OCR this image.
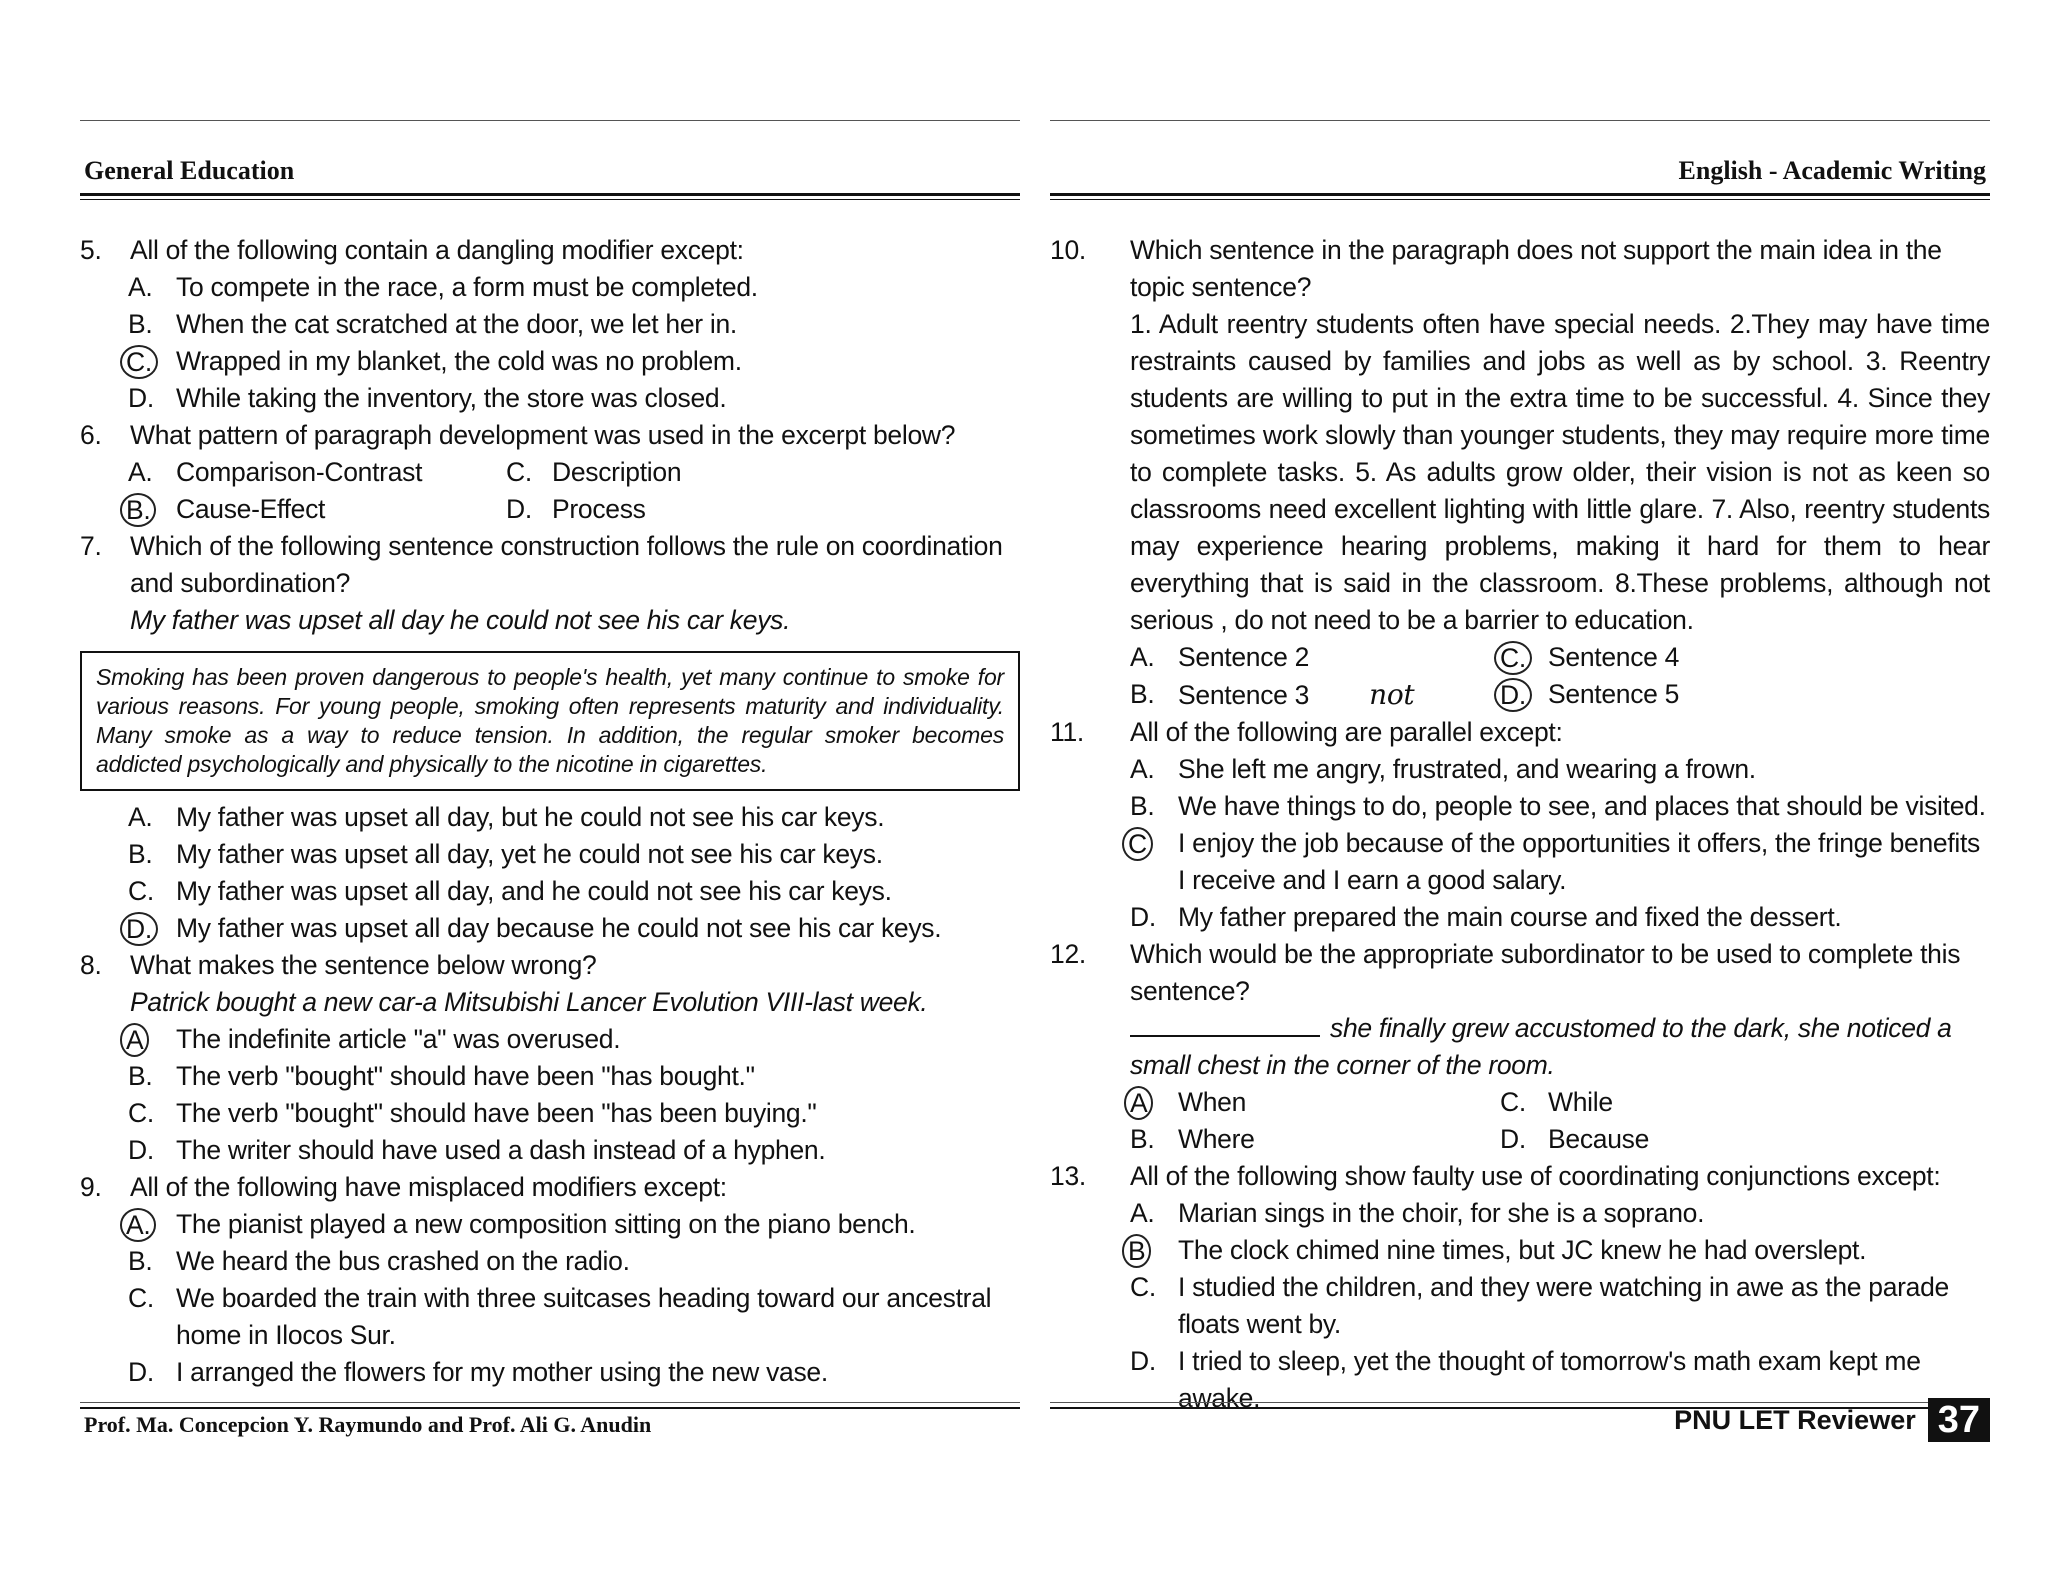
General Education
5.	All of the following contain a dangling modifier except:
A. To compete in the race, a form must be completed.
B. When the cat scratched at the door, we let her in.
C. Wrapped in my blanket, the cold was no problem.
D. While taking the inventory, the store was closed.
6.	What pattern of paragraph development was used in the excerpt below?
A. Comparison-Contrast	C. Description
B. Cause-Effect	D. Process
7.	Which of the following sentence construction follows the rule on coordination and subordination?
My father was upset all day he could not see his car keys.
Smoking has been proven dangerous to people's health, yet many continue to smoke for various reasons. For young people, smoking often represents maturity and individuality. Many smoke as a way to reduce tension. In addition, the regular smoker becomes addicted psychologically and physically to the nicotine in cigarettes.
A. My father was upset all day, but he could not see his car keys.
B. My father was upset all day, yet he could not see his car keys.
C. My father was upset all day, and he could not see his car keys.
D. My father was upset all day because he could not see his car keys.
8.	What makes the sentence below wrong?
Patrick bought a new car-a Mitsubishi Lancer Evolution VIII-last week.
A The indefinite article "a" was overused.
B. The verb "bought" should have been "has bought."
C. The verb "bought" should have been "has been buying."
D. The writer should have used a dash instead of a hyphen.
9.	All of the following have misplaced modifiers except:
A. The pianist played a new composition sitting on the piano bench.
B. We heard the bus crashed on the radio.
C. We boarded the train with three suitcases heading toward our ancestral home in Ilocos Sur.
D. I arranged the flowers for my mother using the new vase.
Prof. Ma. Concepcion Y. Raymundo and Prof. Ali G. Anudin
English - Academic Writing
10.	Which sentence in the paragraph does not support the main idea in the topic sentence?
1. Adult reentry students often have special needs. 2.They may have time restraints caused by families and jobs as well as by school. 3. Reentry students are willing to put in the extra time to be successful. 4. Since they sometimes work slowly than younger students, they may require more time to complete tasks. 5. As adults grow older, their vision is not as keen so classrooms need excellent lighting with little glare. 7. Also, reentry students may experience hearing problems, making it hard for them to hear everything that is said in the classroom. 8.These problems, although not serious , do not need to be a barrier to education.
A. Sentence 2
B. Sentence 3 not
C. Sentence 4
D. Sentence 5
11.	All of the following are parallel except:
A. She left me angry, frustrated, and wearing a frown.
B. We have things to do, people to see, and places that should be visited.
C I enjoy the job because of the opportunities it offers, the fringe benefits I receive and I earn a good salary.
D. My father prepared the main course and fixed the dessert.
12.	Which would be the appropriate subordinator to be used to complete this sentence?
she finally grew accustomed to the dark, she noticed a small chest in the corner of the room.
A When
B. Where
C. While
D. Because
13.	All of the following show faulty use of coordinating conjunctions except:
A. Marian sings in the choir, for she is a soprano.
B The clock chimed nine times, but JC knew he had overslept.
C. I studied the children, and they were watching in awe as the parade floats went by.
D. I tried to sleep, yet the thought of tomorrow's math exam kept me awake.
PNU LET Reviewer 37
